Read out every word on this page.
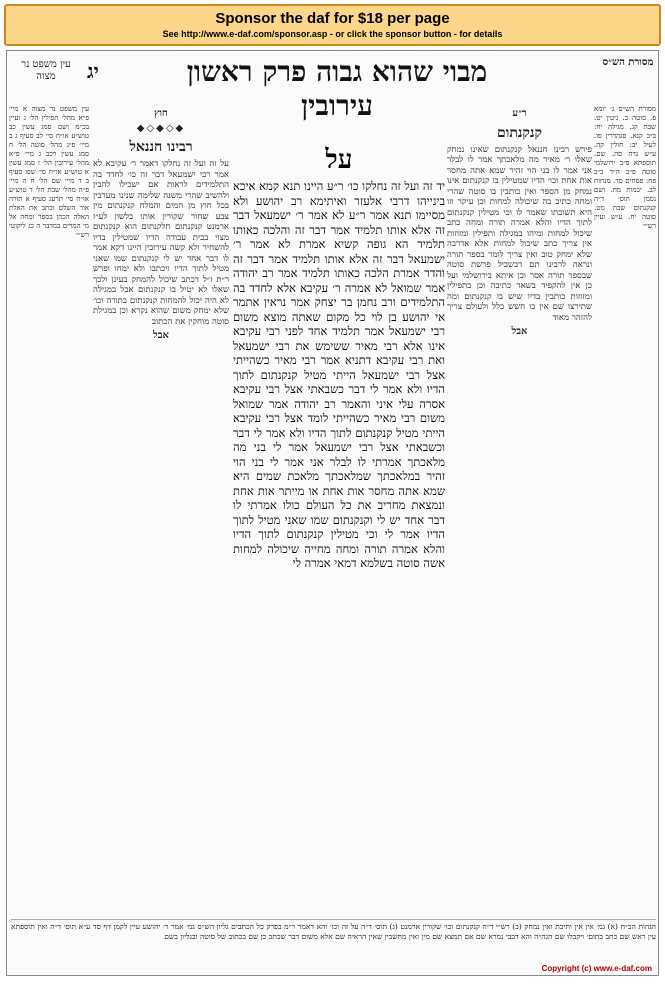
Sponsor the daf for $18 per page
See http://www.e-daf.com/sponsor.asp - or click the sponsor button - for details
עין משפט נר מצוה	יג	מבוי שהוא גבוה פרק ראשון עירובין
מסורת הש״ס
מסורת הש״ס ג׳ יומא פ. סוטה כ. גיטין יט. שבת קג. מגילה יח: ב״ב קנא. סנהדרין פו. לעיל יב: חולין קה. ע״ש נדה סה. שם. תוספתא פ״ב ירושלמי סוטה פ״ב ה״ד ב״ב פח: פסחים סד. מנחות לב. יבמות מח. ושם נסמן תוס׳ ד״ה קנקנתום שבת מט. סוטה יח. ע״ש ועיין רש״י
ר״ע
קנקנתום
פירש רבינו חננאל קנקנתום שאינו נמחק שאלו ר׳ מאיר מה מלאכתך אמר לו לבלר אני אמר לו בני הוי זהיר שמא אתה מחסר אות אחת וכו׳ הדיו שמטילין בו קנקנתום אינו נמחק מן הספר ואין כותבין בו סוטה שהרי ומחה כתיב בה שיכולה למחות וכן עיקר וזו היא תשובתו שאמר לו וכי מטילין קנקנתום לתוך הדיו והלא אמרה תורה ומחה כתב שיכול למחות ומיהו במגילה ותפילין ומזוזות אין צריך כתב שיכול למחות אלא אדרבה שלא ימחק טוב ואין צריך לומר בספר תורה ונראה לרבינו תם דבשביל פרשת סוטה שבספר תורה אסר וכן איתא בירושלמי ועל כן אין להקפיד בשאר כתיבה וכן בתפילין ומזוזות כותבין בדיו שיש בו קנקנתום ומה שתירצו שם אין בו חשש כלל ולעולם צריך להזהר מאוד
אבל
על
יד זה ועל זה נחלקו כו׳ ר״ע היינו תנא קמא איכא בינייהו דרבי אלעזר ואיתימא רב יהושע ולא מסיימו תנא אמר ר״ע לא אמר ר׳ ישמעאל דבר זה אלא אותו תלמיד אמר דבר זה והלכה כאותו תלמיד הא גופה קשיא אמרת לא אמר ר׳ ישמעאל דבר זה אלא אותו תלמיד אמר דבר זה והדר אמרת הלכה כאותו תלמיד אמר רב יהודה אמר שמואל לא אמרה ר׳ עקיבא אלא לחדד בה התלמידים ורב נחמן בר יצחק אמר נראין אתמר אי יהושע בן לוי כל מקום שאתה מוצא משום רבי ישמעאל אמר תלמיד אחד לפני רבי עקיבא אינו אלא רבי מאיר ששימש את רבי ישמעאל ואת רבי עקיבא דתניא אמר רבי מאיר כשהייתי אצל רבי ישמעאל הייתי מטיל קנקנתום לתוך הדיו ולא אמר לי דבר כשבאתי אצל רבי עקיבא אסרה עלי איני והאמר רב יהודה אמר שמואל משום רבי מאיר כשהייתי לומד אצל רבי עקיבא הייתי מטיל קנקנתום לתוך הדיו ולא אמר לי דבר וכשבאתי אצל רבי ישמעאל אמר לי בני מה מלאכתך אמרתי לו לבלר אני אמר לי בני הוי זהיר במלאכתך שמלאכתך מלאכת שמים היא שמא אתה מחסר אות אחת או מייתר אות אחת ונמצאת מחריב את כל העולם כולו אמרתי לו דבר אחד יש לי וקנקנתום שמו שאני מטיל לתוך הדיו אמר לי וכי מטילין קנקנתום לתוך הדיו והלא אמרה תורה ומחה מחייה שיכולה למחות אשה סוטה בשלמא דמאי אמרה לי
חוץ
◆◇◆◇◆
רבינו חננאל
על זה ועל זה נחלקו דאמר ר׳ עקיבא לא אמר רבי ישמעאל דבר זה כו׳ לחדד בה התלמידים לראות אם ישכילו להבין ולהשיב שהרי משנה שלימה שנינו מערבין בכל חוץ מן המים והמלח קנקנתום מין צבע שחור שקורין אותו בלשון לע״ז ארמנט קנקנתום חלקנתום הוא קנקנתום מצוי בבית עבודה הדיו שמטילין בדיו להשחיר ולא קשה עירובין היינו דקא אמר לו דבר אחד יש לי קנקנתום שמו שאני מטיל לתוך הדיו ויכתבו ולא ימחו ופרש ר״ת ז״ל דכתב שיכול להמחק בעינן ולכך שאלו לא יטיל בו קנקנתום אבל במגילה לא היה יכול להמחות קנקנתום בתורה וכו׳ שלא ימחק משום שהוא נקרא וכן במגילת סוטה מוחקין את הכתוב
אבל
עין משפט נר מצוה א מיי׳ פ״א מהל׳ תפילין הל׳ ג ועיין בכ״מ ושם סמג עשין כב טוש״ע או״ח סי׳ לב סעיף ג ב מיי׳ פ״ג מהל׳ סוטה הל׳ ח סמג עשין רכב ג מיי׳ פ״א מהל׳ עירובין הל׳ ז סמג עשין א טוש״ע או״ח סי׳ שפו סעיף ב ד מיי׳ שם הל׳ ח ה מיי׳ פ״ה מהל׳ שבת הל׳ ד טוש״ע או״ח סי׳ תרעג סעיף א תורה אור השלם וכתב את האלת האלה הכהן בספר ומחה אל מי המרים במדבר ה כג ליקוטי רש״י
הגהות הב״ח (א) גמ׳ אין אין ותיבת ואין נמחק (ב) רש״י ד״ה קנקנתום וכו׳ שקורין ארמנט (ג) תוס׳ ד״ה על זה וכו׳ והא דאמר ר״מ בפרק כל הכתבים גליון הש״ס גמ׳ אמר ר׳ יהושע עיין לקמן דף סד ע״א תוס׳ ד״ה ואין תוספתא עין ראש שם כתב בתום׳ ויקבלו שם הגה״ה והא דבבי נמרא שם אם תמצא שם מין ואין מחשבין שאין הראיה שם אלא משום דבר שכתב כן שם בכתוב של סוטה ובגליון בשם
Copyright (c) www.e-daf.com
